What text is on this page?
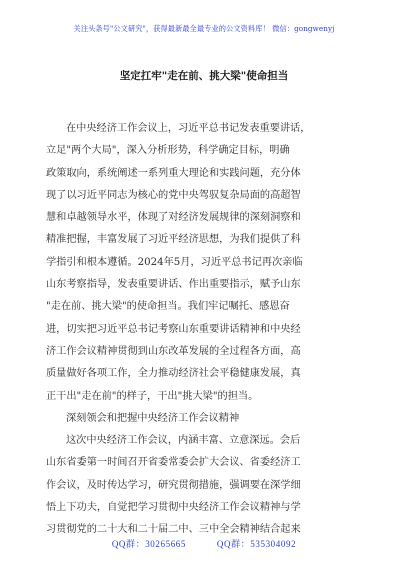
关注头条号"公文研究"，获得最新最全最专业的公文资料库！ 微信：gongwenyj
坚定扛牢"走在前、挑大梁"使命担当
在中央经济工作会议上，习近平总书记发表重要讲话，
立足"两个大局"，深入分析形势，科学确定目标，明确
政策取向，系统阐述一系列重大理论和实践问题，充分体
现了以习近平同志为核心的党中央驾驭复杂局面的高超智
慧和卓越领导水平，体现了对经济发展规律的深刻洞察和
精准把握，丰富发展了习近平经济思想，为我们提供了科
学指引和根本遵循。2024年5月，习近平总书记再次亲临
山东考察指导，发表重要讲话、作出重要指示，赋予山东
"走在前、挑大梁"的使命担当。我们牢记嘱托、感恩奋
进，切实把习近平总书记考察山东重要讲话精神和中央经
济工作会议精神贯彻到山东改革发展的全过程各方面，高
质量做好各项工作，全力推动经济社会平稳健康发展，真
正干出"走在前"的样子，干出"挑大梁"的担当。
深刻领会和把握中央经济工作会议精神
这次中央经济工作会议，内涵丰富、立意深远。会后
山东省委第一时间召开省委常委会扩大会议、省委经济工
作会议，及时传达学习，研究贯彻措施，强调要在深学细
悟上下功夫，自觉把学习贯彻中央经济工作会议精神与学
习贯彻党的二十大和二十届二中、三中全会精神结合起来
QQ群：30265665	QQ群：535304092
